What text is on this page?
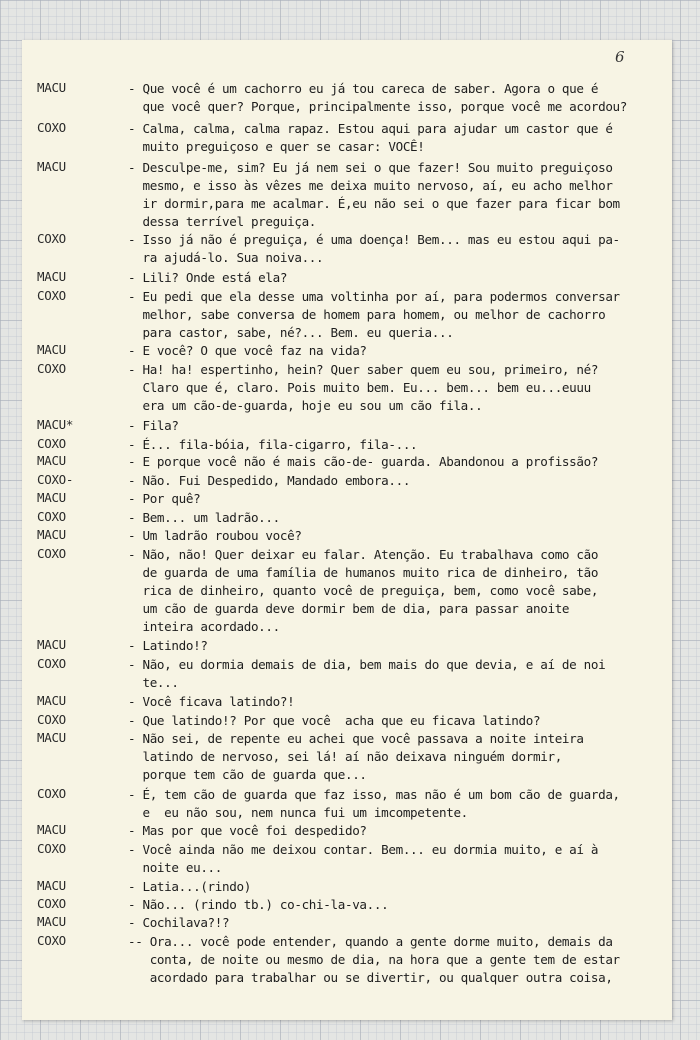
6
MACU	- Que você é um cachorro eu já tou careca de saber. Agora o que é
que você quer? Porque, principalmente isso, porque você me acordou?
COXO	- Calma, calma, calma rapaz. Estou aqui para ajudar um castor que é
muito preguiçoso e quer se casar: VOCÊ!
MACU	- Desculpe-me, sim? Eu já nem sei o que fazer! Sou muito preguiçoso
mesmo, e isso às vêzes me deixa muito nervoso, aí, eu acho melhor
ir dormir,para me acalmar. É,eu não sei o que fazer para ficar bom
dessa terrível preguiça.
COXO	- Isso já não é preguiça, é uma doença! Bem... mas eu estou aqui pa-
ra ajudá-lo. Sua noiva...
MACU	- Lili? Onde está ela?
COXO	- Eu pedi que ela desse uma voltinha por aí, para podermos conversar
melhor, sabe conversa de homem para homem, ou melhor de cachorro
para castor, sabe, né?... Bem. eu queria...
MACU	- E você? O que você faz na vida?
COXO	- Ha! ha! espertinho, hein? Quer saber quem eu sou, primeiro, né?
Claro que é, claro. Pois muito bem. Eu... bem... bem eu...euuu
era um cão-de-guarda, hoje eu sou um cão fila..
MACU*	- Fila?
COXO	- É... fila-bóia, fila-cigarro, fila-...
MACU	- E porque você não é mais cão-de- guarda. Abandonou a profissão?
COXO-	- Não. Fui Despedido, Mandado embora...
MACU	- Por quê?
COXO	- Bem... um ladrão...
MACU	- Um ladrão roubou você?
COXO	- Não, não! Quer deixar eu falar. Atenção. Eu trabalhava como cão
de guarda de uma família de humanos muito rica de dinheiro, tão
rica de dinheiro, quanto você de preguiça, bem, como você sabe,
um cão de guarda deve dormir bem de dia, para passar anoite
inteira acordado...
MACU	- Latindo!?
COXO	- Não, eu dormia demais de dia, bem mais do que devia, e aí de noi
te...
MACU	- Você ficava latindo?!
COXO	- Que latindo!? Por que você  acha que eu ficava latindo?
MACU	- Não sei, de repente eu achei que você passava a noite inteira
latindo de nervoso, sei lá! aí não deixava ninguém dormir,
porque tem cão de guarda que...
COXO	- É, tem cão de guarda que faz isso, mas não é um bom cão de guarda,
e  eu não sou, nem nunca fui um imcompetente.
MACU	- Mas por que você foi despedido?
COXO	- Você ainda não me deixou contar. Bem... eu dormia muito, e aí à
noite eu...
MACU	- Latia...(rindo)
COXO	- Não... (rindo tb.) co-chi-la-va...
MACU	- Cochilava?!?
COXO	-- Ora... você pode entender, quando a gente dorme muito, demais da
conta, de noite ou mesmo de dia, na hora que a gente tem de estar
acordado para trabalhar ou se divertir, ou qualquer outra coisa,
